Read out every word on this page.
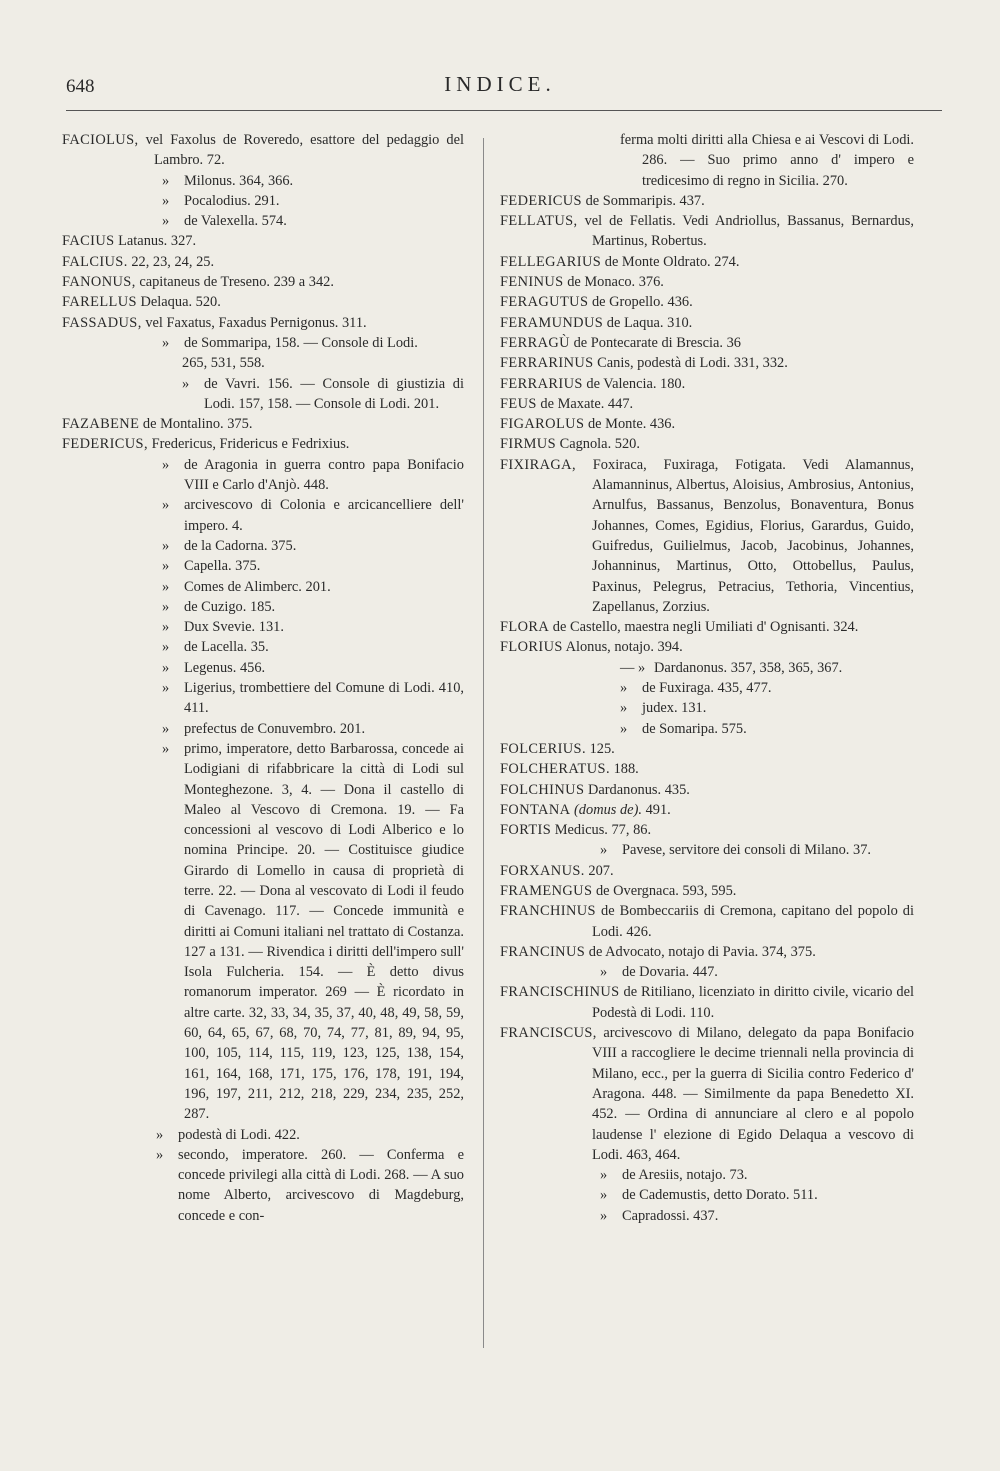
648	INDICE.

FACIOLUS, vel Faxolus de Roveredo, esattore del pedaggio del Lambro. 72.

» Milonus. 364, 366.

» Pocalodius. 291.

» de Valexella. 574.

FACIUS Latanus. 327.

FALCIUS. 22, 23, 24, 25.

FANONUS, capitaneus de Treseno. 239 a 342.

FARELLUS Delaqua. 520.

FASSADUS, vel Faxatus, Faxadus Pernigonus. 311.

» de Sommaripa, 158. — Console di Lodi.

265, 531, 558.

» de Vavri. 156. — Console di giustizia di Lodi. 157, 158. — Console di Lodi. 201.

FAZABENE de Montalino. 375.

FEDERICUS, Fredericus, Fridericus e Fedrixius.

» de Aragonia in guerra contro papa Bonifacio VIII e Carlo d'Anjò. 448.

» arcivescovo di Colonia e arcicancelliere dell' impero. 4.

» de la Cadorna. 375.

» Capella. 375.

» Comes de Alimberc. 201.

» de Cuzigo. 185.

» Dux Svevie. 131.

» de Lacella. 35.

» Legenus. 456.

» Ligerius, trombettiere del Comune di Lodi. 410, 411.

» prefectus de Conuvembro. 201.

» primo, imperatore, detto Barbarossa, concede ai Lodigiani di rifabbricare la città di Lodi sul Monteghezone. 3, 4. — Dona il castello di Maleo al Vescovo di Cremona. 19. — Fa concessioni al vescovo di Lodi Alberico e lo nomina Principe. 20. — Costituisce giudice Girardo di Lomello in causa di proprietà di terre. 22. — Dona al vescovato di Lodi il feudo di Cavenago. 117. — Concede immunità e diritti ai Comuni italiani nel trattato di Costanza. 127 a 131. — Rivendica i diritti dell'impero sull' Isola Fulcheria. 154. — È detto divus romanorum imperator. 269 — È ricordato in altre carte. 32, 33, 34, 35, 37, 40, 48, 49, 58, 59, 60, 64, 65, 67, 68, 70, 74, 77, 81, 89, 94, 95, 100, 105, 114, 115, 119, 123, 125, 138, 154, 161, 164, 168, 171, 175, 176, 178, 191, 194, 196, 197, 211, 212, 218, 229, 234, 235, 252, 287.

» podestà di Lodi. 422.

» secondo, imperatore. 260. — Conferma e concede privilegi alla città di Lodi. 268. — A suo nome Alberto, arcivescovo di Magdeburg, concede e con-

ferma molti diritti alla Chiesa e ai Vescovi di Lodi. 286. — Suo primo anno d' impero e tredicesimo di regno in Sicilia. 270.

FEDERICUS de Sommaripis. 437.

FELLATUS, vel de Fellatis. Vedi Andriollus, Bassanus, Bernardus, Martinus, Robertus.

FELLEGARIUS de Monte Oldrato. 274.

FENINUS de Monaco. 376.

FERAGUTUS de Gropello. 436.

FERAMUNDUS de Laqua. 310.

FERRAGÙ de Pontecarate di Brescia. 36

FERRARINUS Canis, podestà di Lodi. 331, 332.

FERRARIUS de Valencia. 180.

FEUS de Maxate. 447.

FIGAROLUS de Monte. 436.

FIRMUS Cagnola. 520.

FIXIRAGA, Foxiraca, Fuxiraga, Fotigata. Vedi Alamannus, Alamanninus, Albertus, Aloisius, Ambrosius, Antonius, Arnulfus, Bassanus, Benzolus, Bonaventura, Bonus Johannes, Comes, Egidius, Florius, Garardus, Guido, Guifredus, Guilielmus, Jacob, Jacobinus, Johannes, Johanninus, Martinus, Otto, Ottobellus, Paulus, Paxinus, Pelegrus, Petracius, Tethoria, Vincentius, Zapellanus, Zorzius.

FLORA de Castello, maestra negli Umiliati d' Ognisanti. 324.

FLORIUS Alonus, notajo. 394.

— » Dardanonus. 357, 358, 365, 367.

» de Fuxiraga. 435, 477.

» judex. 131.

» de Somaripa. 575.

FOLCERIUS. 125.

FOLCHERATUS. 188.

FOLCHINUS Dardanonus. 435.

FONTANA (domus de). 491.

FORTIS Medicus. 77, 86.

» Pavese, servitore dei consoli di Milano. 37.

FORXANUS. 207.

FRAMENGUS de Overgnaca. 593, 595.

FRANCHINUS de Bombeccariis di Cremona, capitano del popolo di Lodi. 426.

FRANCINUS de Advocato, notajo di Pavia. 374, 375.

» de Dovaria. 447.

FRANCISCHINUS de Ritiliano, licenziato in diritto civile, vicario del Podestà di Lodi. 110.

FRANCISCUS, arcivescovo di Milano, delegato da papa Bonifacio VIII a raccogliere le decime triennali nella provincia di Milano, ecc., per la guerra di Sicilia contro Federico d' Aragona. 448. — Similmente da papa Benedetto XI. 452. — Ordina di annunciare al clero e al popolo laudense l' elezione di Egido Delaqua a vescovo di Lodi. 463, 464.

» de Aresiis, notajo. 73.

» de Cademustis, detto Dorato. 511.

» Capradossi. 437.
